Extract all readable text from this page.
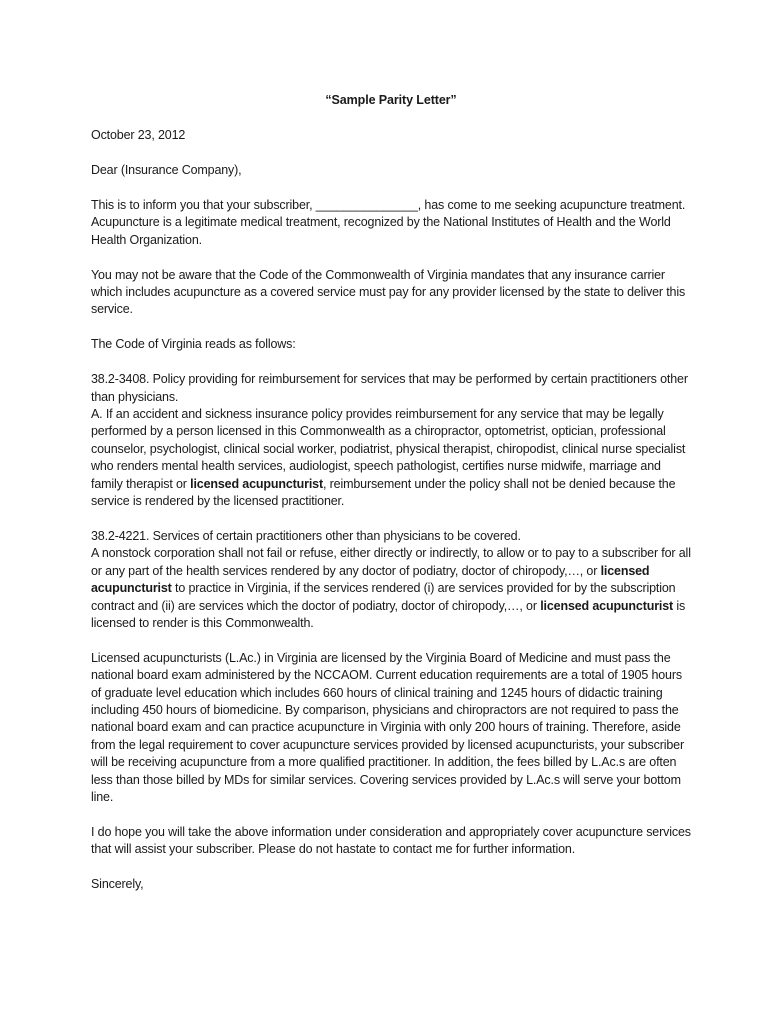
“Sample Parity Letter”

October 23, 2012

Dear (Insurance Company),

This is to inform you that your subscriber, _______________, has come to me seeking acupuncture treatment. Acupuncture is a legitimate medical treatment, recognized by the National Institutes of Health and the World Health Organization.

You may not be aware that the Code of the Commonwealth of Virginia mandates that any insurance carrier which includes acupuncture as a covered service must pay for any provider licensed by the state to deliver this service.

The Code of Virginia reads as follows:

38.2-3408. Policy providing for reimbursement for services that may be performed by certain practitioners other than physicians.
A. If an accident and sickness insurance policy provides reimbursement for any service that may be legally performed by a person licensed in this Commonwealth as a chiropractor, optometrist, optician, professional counselor, psychologist, clinical social worker, podiatrist, physical therapist, chiropodist, clinical nurse specialist who renders mental health services, audiologist, speech pathologist, certifies nurse midwife, marriage and family therapist or licensed acupuncturist, reimbursement under the policy shall not be denied because the service is rendered by the licensed practitioner.

38.2-4221. Services of certain practitioners other than physicians to be covered.
A nonstock corporation shall not fail or refuse, either directly or indirectly, to allow or to pay to a subscriber for all or any part of the health services rendered by any doctor of podiatry, doctor of chiropody,…, or licensed acupuncturist to practice in Virginia, if the services rendered (i) are services provided for by the subscription contract and (ii) are services which the doctor of podiatry, doctor of chiropody,…, or licensed acupuncturist is licensed to render is this Commonwealth.

Licensed acupuncturists (L.Ac.) in Virginia are licensed by the Virginia Board of Medicine and must pass the national board exam administered by the NCCAOM. Current education requirements are a total of 1905 hours of graduate level education which includes 660 hours of clinical training and 1245 hours of didactic training including 450 hours of biomedicine. By comparison, physicians and chiropractors are not required to pass the national board exam and can practice acupuncture in Virginia with only 200 hours of training. Therefore, aside from the legal requirement to cover acupuncture services provided by licensed acupuncturists, your subscriber will be receiving acupuncture from a more qualified practitioner. In addition, the fees billed by L.Ac.s are often less than those billed by MDs for similar services. Covering services provided by L.Ac.s will serve your bottom line.

I do hope you will take the above information under consideration and appropriately cover acupuncture services that will assist your subscriber. Please do not hastate to contact me for further information.

Sincerely,
